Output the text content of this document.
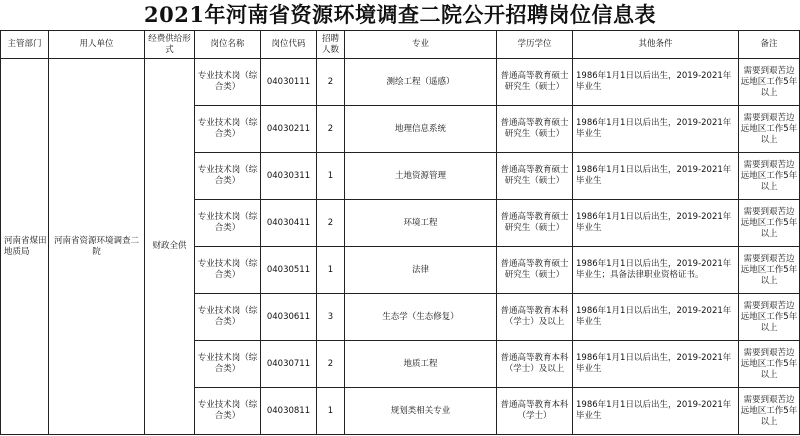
2021年河南省资源环境调查二院公开招聘岗位信息表
主管部门	用人单位	经费供给形式	岗位名称	岗位代码	招聘人数	专业	学历学位	其他条件	备注
河南省煤田地质局	河南省资源环境调查二院	财政全供	专业技术岗（综合类）	04030111	2	测绘工程（遥感）	普通高等教育硕士研究生（硕士）	1986年1月1日以后出生，2019-2021年毕业生	需要到艰苦边远地区工作5年以上

			专业技术岗（综合类）	04030211	2	地理信息系统	普通高等教育硕士研究生（硕士）	1986年1月1日以后出生，2019-2021年毕业生	需要到艰苦边远地区工作5年以上

			专业技术岗（综合类）	04030311	1	土地资源管理	普通高等教育硕士研究生（硕士）	1986年1月1日以后出生，2019-2021年毕业生	需要到艰苦边远地区工作5年以上

			专业技术岗（综合类）	04030411	2	环境工程	普通高等教育硕士研究生（硕士）	1986年1月1日以后出生，2019-2021年毕业生	需要到艰苦边远地区工作5年以上

			专业技术岗（综合类）	04030511	1	法律	普通高等教育硕士研究生（硕士）	1986年1月1日以后出生，2019-2021年毕业生；具备法律职业资格证书。	需要到艰苦边远地区工作5年以上

			专业技术岗（综合类）	04030611	3	生态学（生态修复）	普通高等教育本科（学士）及以上	1986年1月1日以后出生，2019-2021年毕业生	需要到艰苦边远地区工作5年以上

			专业技术岗（综合类）	04030711	2	地质工程	普通高等教育本科（学士）及以上	1986年1月1日以后出生，2019-2021年毕业生	需要到艰苦边远地区工作5年以上

			专业技术岗（综合类）	04030811	1	规划类相关专业	普通高等教育本科（学士）	1986年1月1日以后出生，2019-2021年毕业生	需要到艰苦边远地区工作5年以上
